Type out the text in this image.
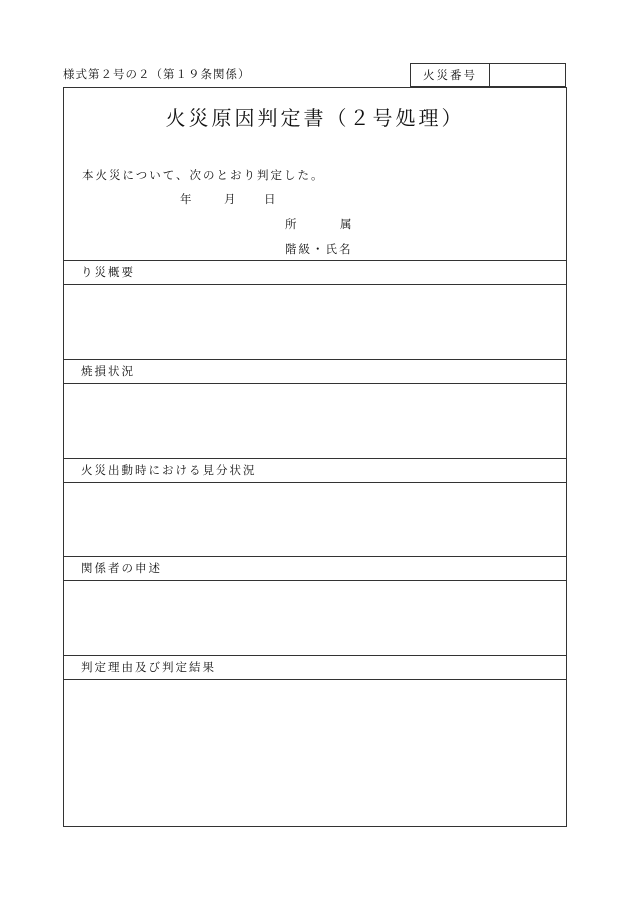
様式第２号の２（第１９条関係）	火災番号
火災原因判定書（２号処理）
本火災について、次のとおり判定した。
年	月 日
所	属
階級・氏名
り災概要
焼損状況
火災出動時における見分状況
関係者の申述
判定理由及び判定結果
